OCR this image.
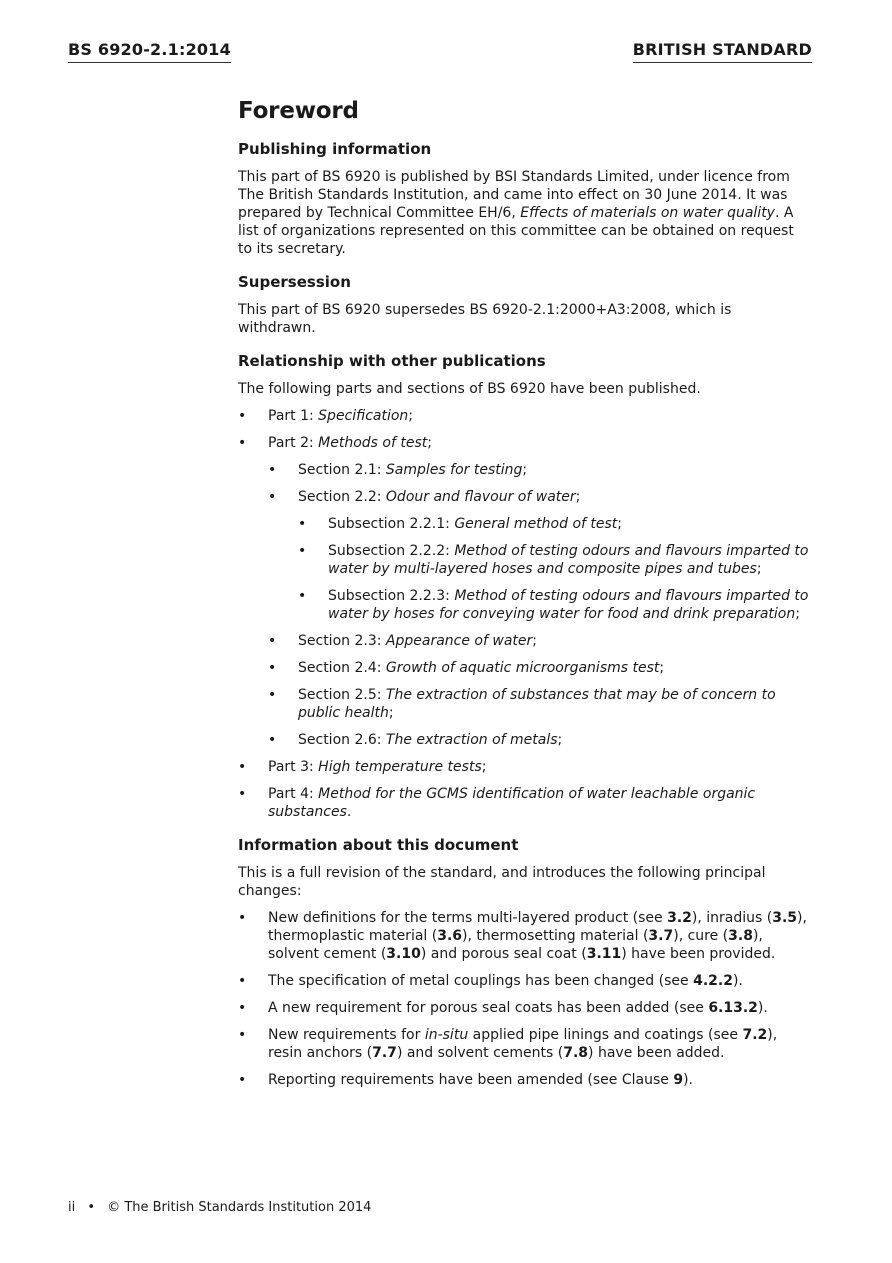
BS 6920-2.1:2014	BRITISH STANDARD
Foreword
Publishing information

This part of BS 6920 is published by BSI Standards Limited, under licence from The British Standards Institution, and came into effect on 30 June 2014. It was prepared by Technical Committee EH/6, Effects of materials on water quality. A list of organizations represented on this committee can be obtained on request to its secretary.

Supersession

This part of BS 6920 supersedes BS 6920-2.1:2000+A3:2008, which is withdrawn.

Relationship with other publications

The following parts and sections of BS 6920 have been published.

• Part 1: Specification;
• Part 2: Methods of test;
• Section 2.1: Samples for testing;
• Section 2.2: Odour and flavour of water;
• Subsection 2.2.1: General method of test;
• Subsection 2.2.2: Method of testing odours and flavours imparted to water by multi-layered hoses and composite pipes and tubes;
• Subsection 2.2.3: Method of testing odours and flavours imparted to water by hoses for conveying water for food and drink preparation;
• Section 2.3: Appearance of water;
• Section 2.4: Growth of aquatic microorganisms test;
• Section 2.5: The extraction of substances that may be of concern to public health;
• Section 2.6: The extraction of metals;
• Part 3: High temperature tests;
• Part 4: Method for the GCMS identification of water leachable organic substances.
Information about this document

This is a full revision of the standard, and introduces the following principal changes:

• New definitions for the terms multi-layered product (see 3.2), inradius (3.5), thermoplastic material (3.6), thermosetting material (3.7), cure (3.8), solvent cement (3.10) and porous seal coat (3.11) have been provided.
• The specification of metal couplings has been changed (see 4.2.2).
• A new requirement for porous seal coats has been added (see 6.13.2).
• New requirements for in-situ applied pipe linings and coatings (see 7.2), resin anchors (7.7) and solvent cements (7.8) have been added.
• Reporting requirements have been amended (see Clause 9).
ii • © The British Standards Institution 2014
